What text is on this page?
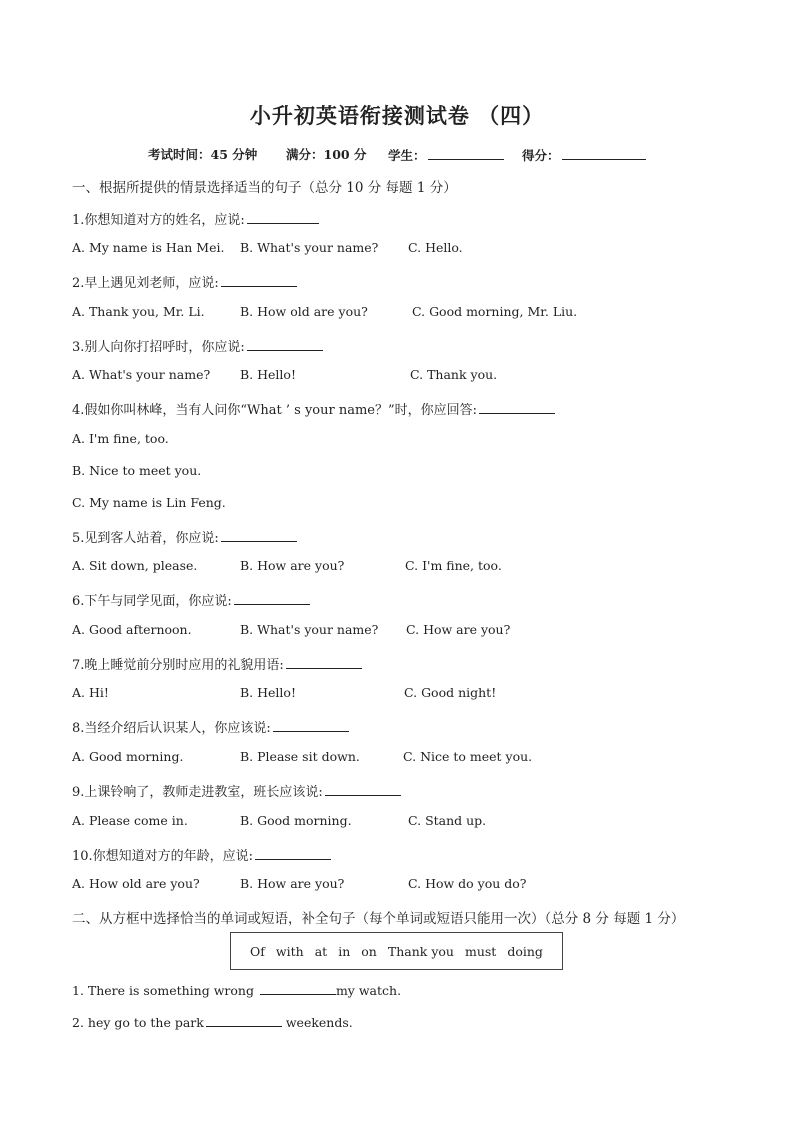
小升初英语衔接测试卷 （四）
考试时间：45 分钟 满分：100 分 学生：	得分：
一、根据所提供的情景选择适当的句子（总分 10 分 每题 1 分）
1.你想知道对方的姓名，应说:
A. My name is Han Mei. B. What's your name? C. Hello.
2.早上遇见刘老师，应说:
A. Thank you, Mr. Li.	B. How old are you?	C. Good morning, Mr. Liu.
3.别人向你打招呼时，你应说:
A. What's your name? B. Hello!	C. Thank you.
4.假如你叫林峰，当有人问你“What ’ s your name？”时，你应回答:
A. I'm fine, too.
B. Nice to meet you.
C. My name is Lin Feng.
5.见到客人站着，你应说:
A. Sit down, please.	B. How are you?	C. I'm fine, too.
6.下午与同学见面，你应说:
A. Good afternoon.	B. What's your name? C. How are you?
7.晚上睡觉前分别时应用的礼貌用语:
A. Hi!	B. Hello!	C. Good night!
8.当经介绍后认识某人，你应该说:
A. Good morning.	B. Please sit down.	C. Nice to meet you.
9.上课铃响了，教师走进教室，班长应该说:
A. Please come in.	B. Good morning.	C. Stand up.
10.你想知道对方的年龄，应说:
A. How old are you?	B. How are you?	C. How do you do?
二、从方框中选择恰当的单词或短语，补全句子（每个单词或短语只能用一次）（总分 8 分 每题 1 分）
Of with at in on Thank you must doing
1. There is something wrong	my watch.
2. hey go to the park	weekends.
